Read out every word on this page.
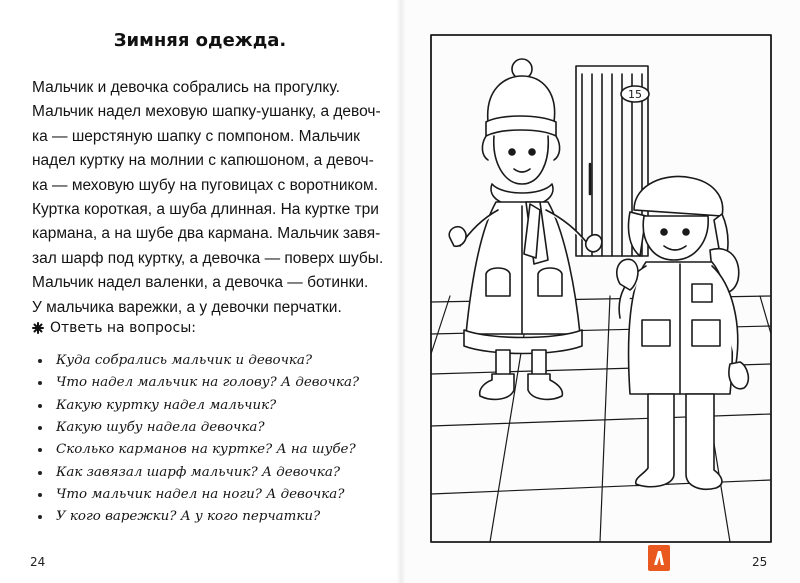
Зимняя одежда.
Мальчик и девочка собрались на прогулку.
Мальчик надел меховую шапку-ушанку, а девоч-
ка — шерстяную шапку с помпоном. Мальчик
надел куртку на молнии с капюшоном, а девоч-
ка — меховую шубу на пуговицах с воротником.
Куртка короткая, а шуба длинная. На куртке три
кармана, а на шубе два кармана. Мальчик завя-
зал шарф под куртку, а девочка — поверх шубы.
Мальчик надел валенки, а девочка — ботинки.
У мальчика варежки, а у девочки перчатки.
Ответь на вопросы:
Куда собрались мальчик и девочка?
Что надел мальчик на голову? А девочка?
Какую куртку надел мальчик?
Какую шубу надела девочка?
Сколько карманов на куртке? А на шубе?
Как завязал шарф мальчик? А девочка?
Что мальчик надел на ноги? А девочка?
У кого варежки? А у кого перчатки?
24
15
25
